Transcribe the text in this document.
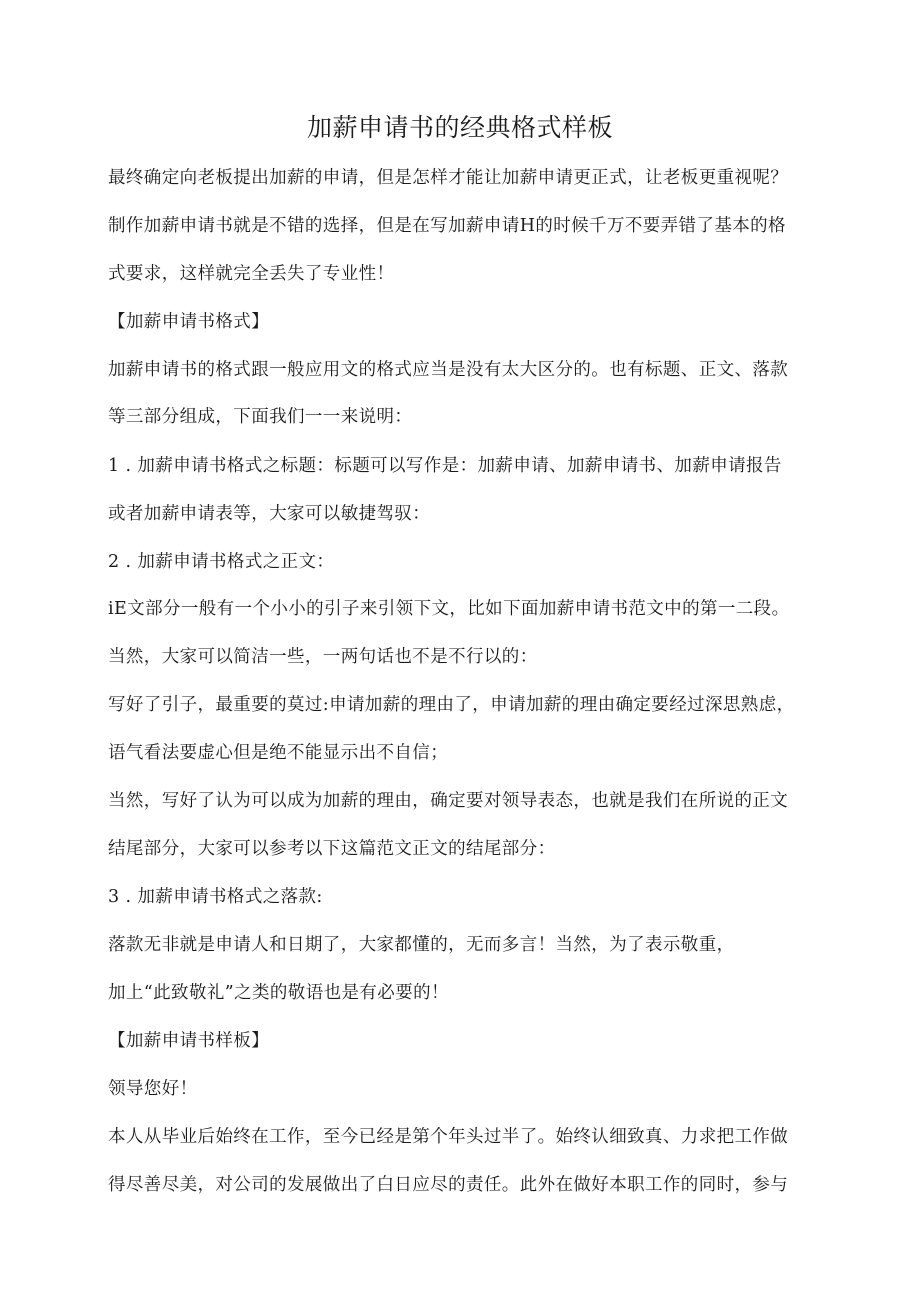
加薪申请书的经典格式样板
最终确定向老板提出加薪的申请，但是怎样才能让加薪申请更正式，让老板更重视呢？
制作加薪申请书就是不错的选择，但是在写加薪申请H的时候千万不要弄错了基本的格
式要求，这样就完全丢失了专业性！
【加薪申请书格式】
加薪申请书的格式跟一般应用文的格式应当是没有太大区分的。也有标题、正文、落款
等三部分组成，下面我们一一来说明：
1 . 加薪申请书格式之标题：标题可以写作是：加薪申请、加薪申请书、加薪申请报告
或者加薪申请表等，大家可以敏捷驾驭：
2 . 加薪申请书格式之正文：
iE文部分一般有一个小小的引子来引领下文，比如下面加薪申请书范文中的第一二段。
当然，大家可以简洁一些，一两句话也不是不行以的：
写好了引子，最重要的莫过:申请加薪的理由了，申请加薪的理由确定要经过深思熟虑，
语气看法要虚心但是绝不能显示出不自信；
当然，写好了认为可以成为加薪的理由，确定要对领导表态，也就是我们在所说的正文
结尾部分，大家可以参考以下这篇范文正文的结尾部分：
3 . 加薪申请书格式之落款:
落款无非就是申请人和日期了，大家都懂的，无而多言！当然，为了表示敬重，
加上“此致敬礼”之类的敬语也是有必要的！
【加薪申请书样板】
领导您好！
本人从毕业后始终在工作，至今已经是第个年头过半了。始终认细致真、力求把工作做
得尽善尽美，对公司的发展做出了白日应尽的责任。此外在做好本职工作的同时，参与
